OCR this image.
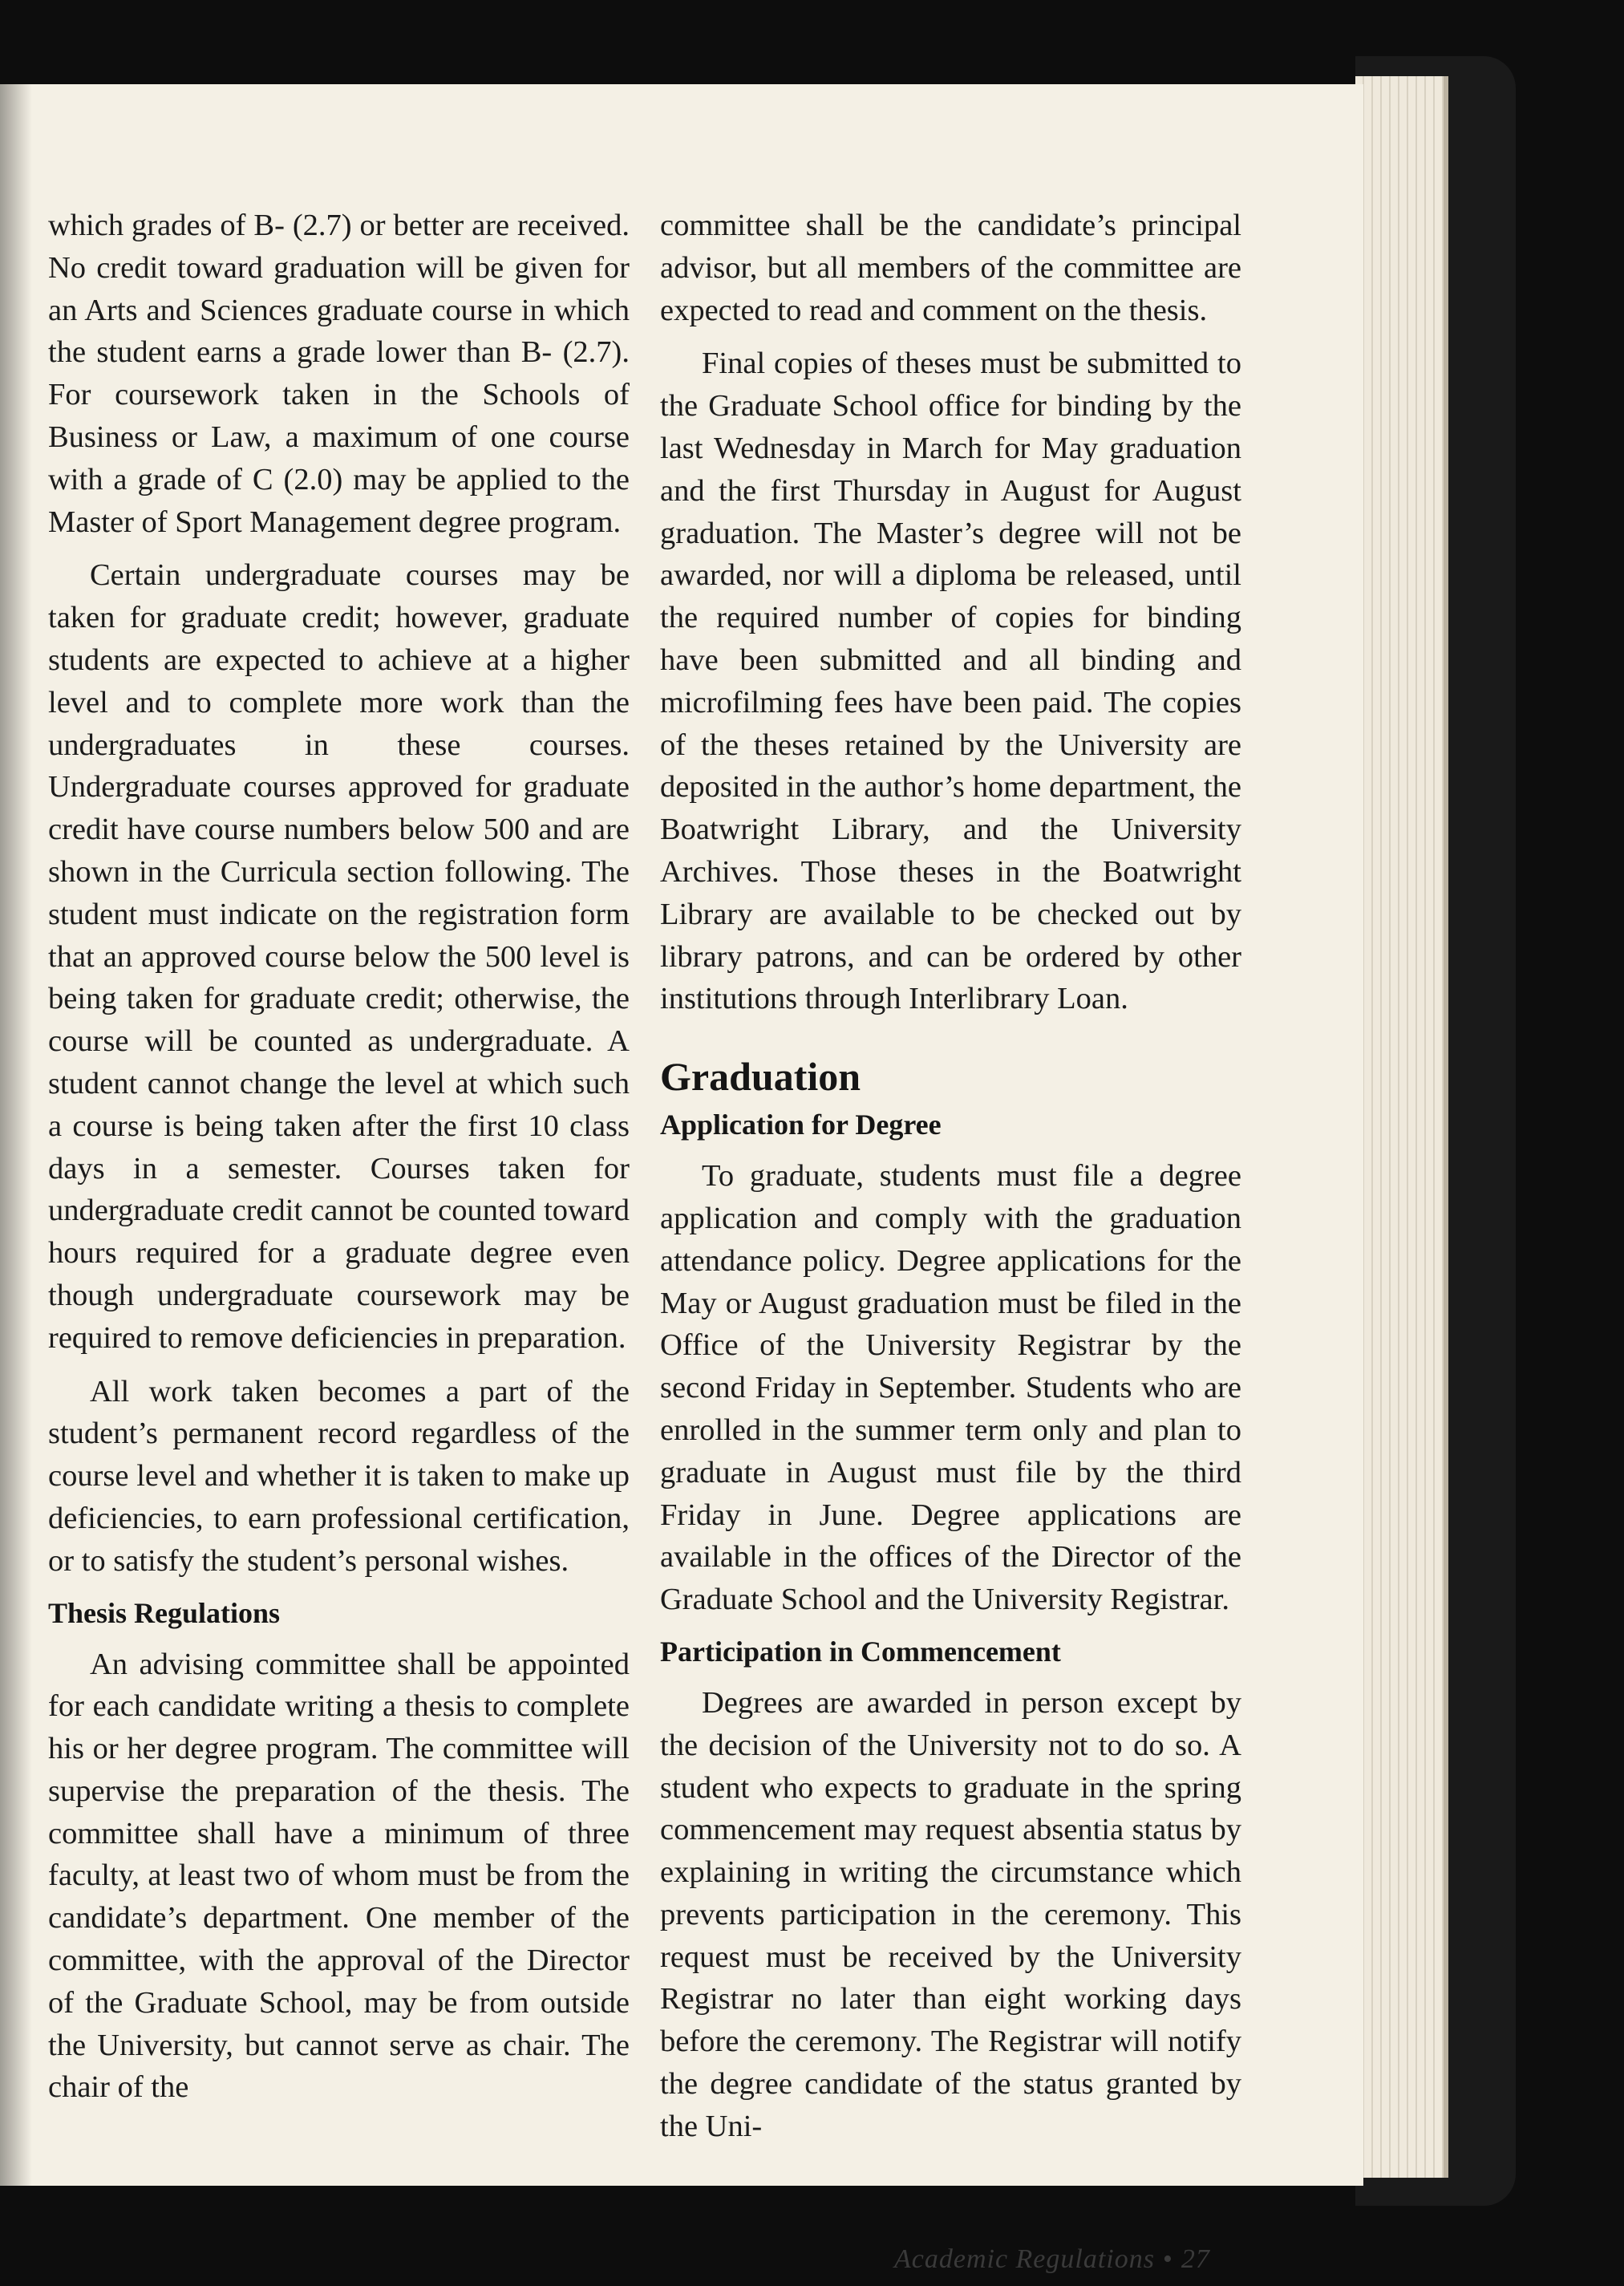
which grades of B- (2.7) or better are received. No credit toward graduation will be given for an Arts and Sciences graduate course in which the student earns a grade lower than B- (2.7). For coursework taken in the Schools of Business or Law, a maximum of one course with a grade of C (2.0) may be applied to the Master of Sport Management degree program.

Certain undergraduate courses may be taken for graduate credit; however, graduate students are expected to achieve at a higher level and to complete more work than the undergraduates in these courses. Undergraduate courses approved for graduate credit have course numbers below 500 and are shown in the Curricula section following. The student must indicate on the registration form that an approved course below the 500 level is being taken for graduate credit; otherwise, the course will be counted as undergraduate. A student cannot change the level at which such a course is being taken after the first 10 class days in a semester. Courses taken for undergraduate credit cannot be counted toward hours required for a graduate degree even though undergraduate coursework may be required to remove deficiencies in preparation.

All work taken becomes a part of the student’s permanent record regardless of the course level and whether it is taken to make up deficiencies, to earn professional certification, or to satisfy the student’s personal wishes.

Thesis Regulations

An advising committee shall be appointed for each candidate writing a thesis to complete his or her degree program. The committee will supervise the preparation of the thesis. The committee shall have a minimum of three faculty, at least two of whom must be from the candidate’s department. One member of the committee, with the approval of the Director of the Graduate School, may be from outside the University, but cannot serve as chair. The chair of the

committee shall be the candidate’s principal advisor, but all members of the committee are expected to read and comment on the thesis.

Final copies of theses must be submitted to the Graduate School office for binding by the last Wednesday in March for May graduation and the first Thursday in August for August graduation. The Master’s degree will not be awarded, nor will a diploma be released, until the required number of copies for binding have been submitted and all binding and microfilming fees have been paid. The copies of the theses retained by the University are deposited in the author’s home department, the Boatwright Library, and the University Archives. Those theses in the Boatwright Library are available to be checked out by library patrons, and can be ordered by other institutions through Interlibrary Loan.

Graduation
Application for Degree

To graduate, students must file a degree application and comply with the graduation attendance policy. Degree applications for the May or August graduation must be filed in the Office of the University Registrar by the second Friday in September. Students who are enrolled in the summer term only and plan to graduate in August must file by the third Friday in June. Degree applications are available in the offices of the Director of the Graduate School and the University Registrar.

Participation in Commencement

Degrees are awarded in person except by the decision of the University not to do so. A student who expects to graduate in the spring commencement may request absentia status by explaining in writing the circumstance which prevents participation in the ceremony. This request must be received by the University Registrar no later than eight working days before the ceremony. The Registrar will notify the degree candidate of the status granted by the Uni-

Academic Regulations • 27
